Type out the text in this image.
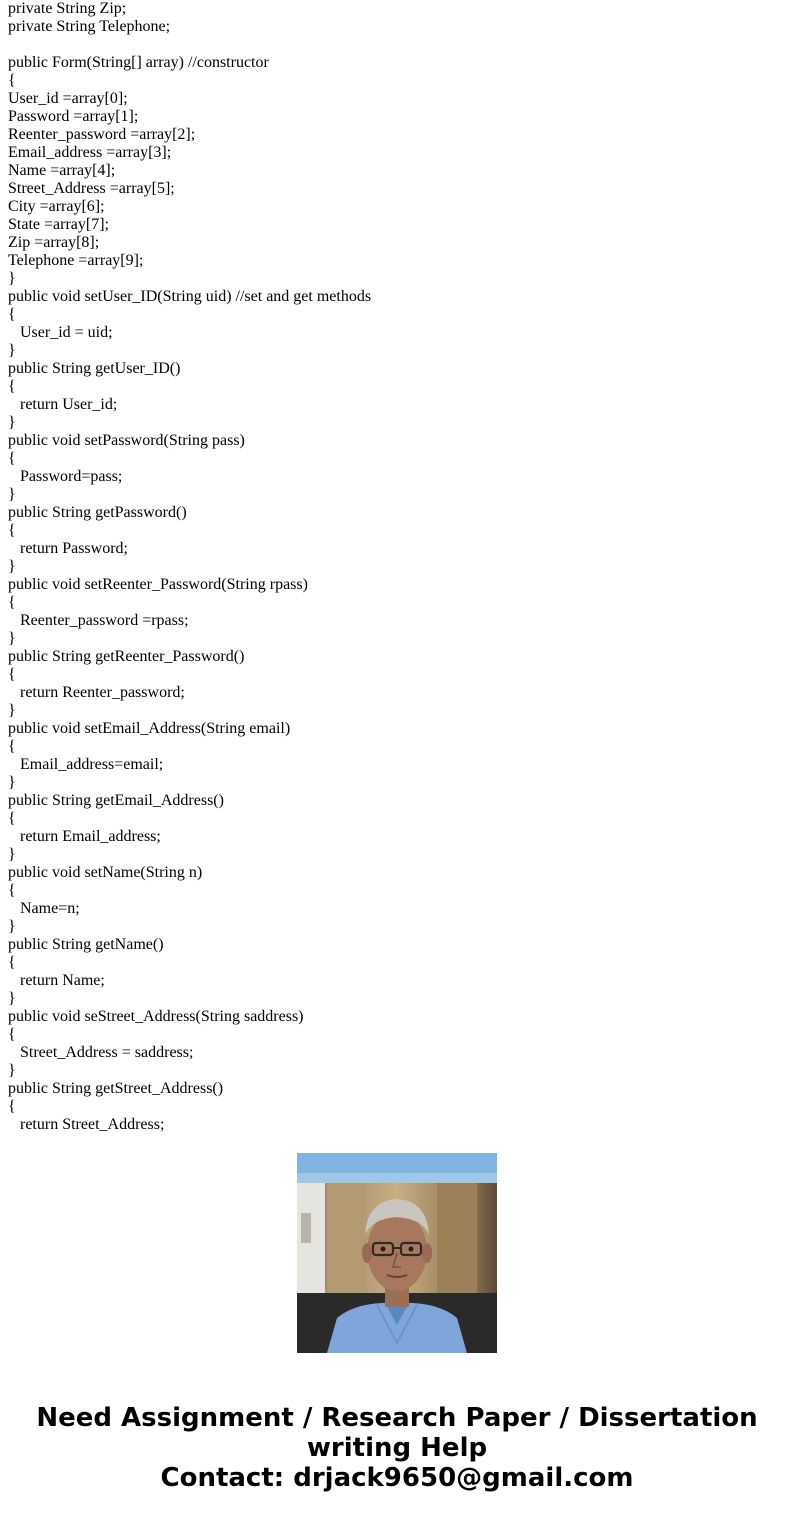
private String Zip;
private String Telephone;
public Form(String[] array) //constructor
{
User_id =array[0];
Password =array[1];
Reenter_password =array[2];
Email_address =array[3];
Name =array[4];
Street_Address =array[5];
City =array[6];
State =array[7];
Zip =array[8];
Telephone =array[9];
}
public void setUser_ID(String uid) //set and get methods
{
User_id = uid;
}
public String getUser_ID()
{
return User_id;
}
public void setPassword(String pass)
{
Password=pass;
}
public String getPassword()
{
return Password;
}
public void setReenter_Password(String rpass)
{
Reenter_password =rpass;
}
public String getReenter_Password()
{
return Reenter_password;
}
public void setEmail_Address(String email)
{
Email_address=email;
}
public String getEmail_Address()
{
return Email_address;
}
public void setName(String n)
{
Name=n;
}
public String getName()
{
return Name;
}
public void seStreet_Address(String saddress)
{
Street_Address = saddress;
}
public String getStreet_Address()
{
return Street_Address;
Need Assignment / Research Paper / Dissertation
writing Help
Contact: drjack9650@gmail.com
